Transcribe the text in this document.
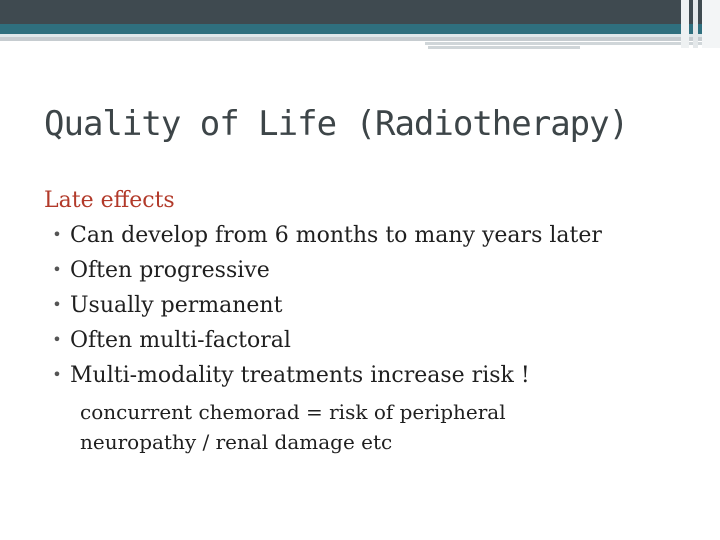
Quality of Life (Radiotherapy)
Late effects
• Can develop from 6 months to many years later
• Often progressive
• Usually permanent
• Often multi-factoral
• Multi-modality treatments increase risk !
concurrent chemorad = risk of peripheral neuropathy / renal damage etc
